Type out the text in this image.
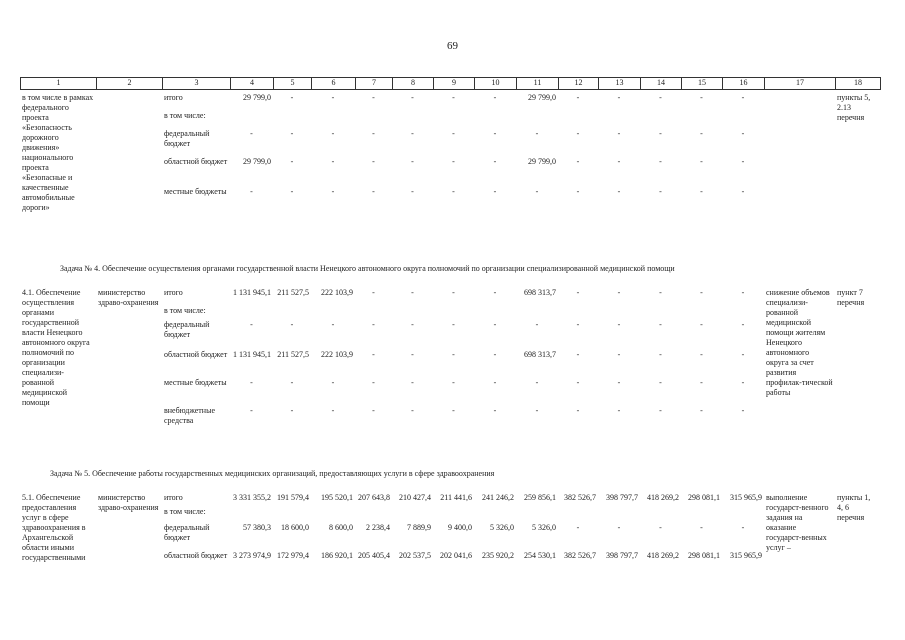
69
1	2	3	4	5	6	7	8	9	10	11	12	13	14	15	16	17	18
в том числе в рамках федерального проекта «Безопасность дорожного движения» национального проекта «Безопасные и качественные автомобильные дороги»		итого	29 799,0	-	-	-	-	-	-	29 799,0	-	-	-	-	-		пункты 5, 2.13 перечня
		в том числе:															
		федеральный бюджет	-	-	-	-	-	-	-	-	-	-	-	-	-		
		областной бюджет	29 799,0	-	-	-	-	-	-	29 799,0	-	-	-	-	-		
		местные бюджеты	-	-	-	-	-	-	-	-	-	-	-	-	-		
Задача № 4. Обеспечение осуществления органами государственной власти Ненецкого автономного округа полномочий по организации специализированной медицинской помощи
4.1. Обеспечение осуществления органами государственной власти Ненецкого автономного округа полномочий по организации специализи-рованной медицинской помощи	министерство здраво-охранения	итого	1 131 945,1	211 527,5	222 103,9	-	-	-	-	698 313,7	-	-	-	-	-	снижение объемов специализи-рованной медицинской помощи жителям Ненецкого автономного округа за счет развития профилак-тической работы	пункт 7 перечня
		в том числе:															
		федеральный бюджет	-	-	-	-	-	-	-	-	-	-	-	-	-		
		областной бюджет	1 131 945,1	211 527,5	222 103,9	-	-	-	-	698 313,7	-	-	-	-	-		
		местные бюджеты	-	-	-	-	-	-	-	-	-	-	-	-	-		
		внебюджетные средства	-	-	-	-	-	-	-	-	-	-	-	-	-		
Задача № 5. Обеспечение работы государственных медицинских организаций, предоставляющих услуги в сфере здравоохранения
5.1. Обеспечение предоставления услуг в сфере здравоохранения в Архангельской области иными государственными	министерство здраво-охранения	итого	3 331 355,2	191 579,4	195 520,1	207 643,8	210 427,4	211 441,6	241 246,2	259 856,1	382 526,7	398 797,7	418 269,2	298 081,1	315 965,9	выполнение государст-венного задания на оказание государст-венных услуг –	пункты 1, 4, 6 перечня
		в том числе:															
		федеральный бюджет	57 380,3	18 600,0	8 600,0	2 238,4	7 889,9	9 400,0	5 326,0	5 326,0	-	-	-	-	-		
		областной бюджет	3 273 974,9	172 979,4	186 920,1	205 405,4	202 537,5	202 041,6	235 920,2	254 530,1	382 526,7	398 797,7	418 269,2	298 081,1	315 965,9		
